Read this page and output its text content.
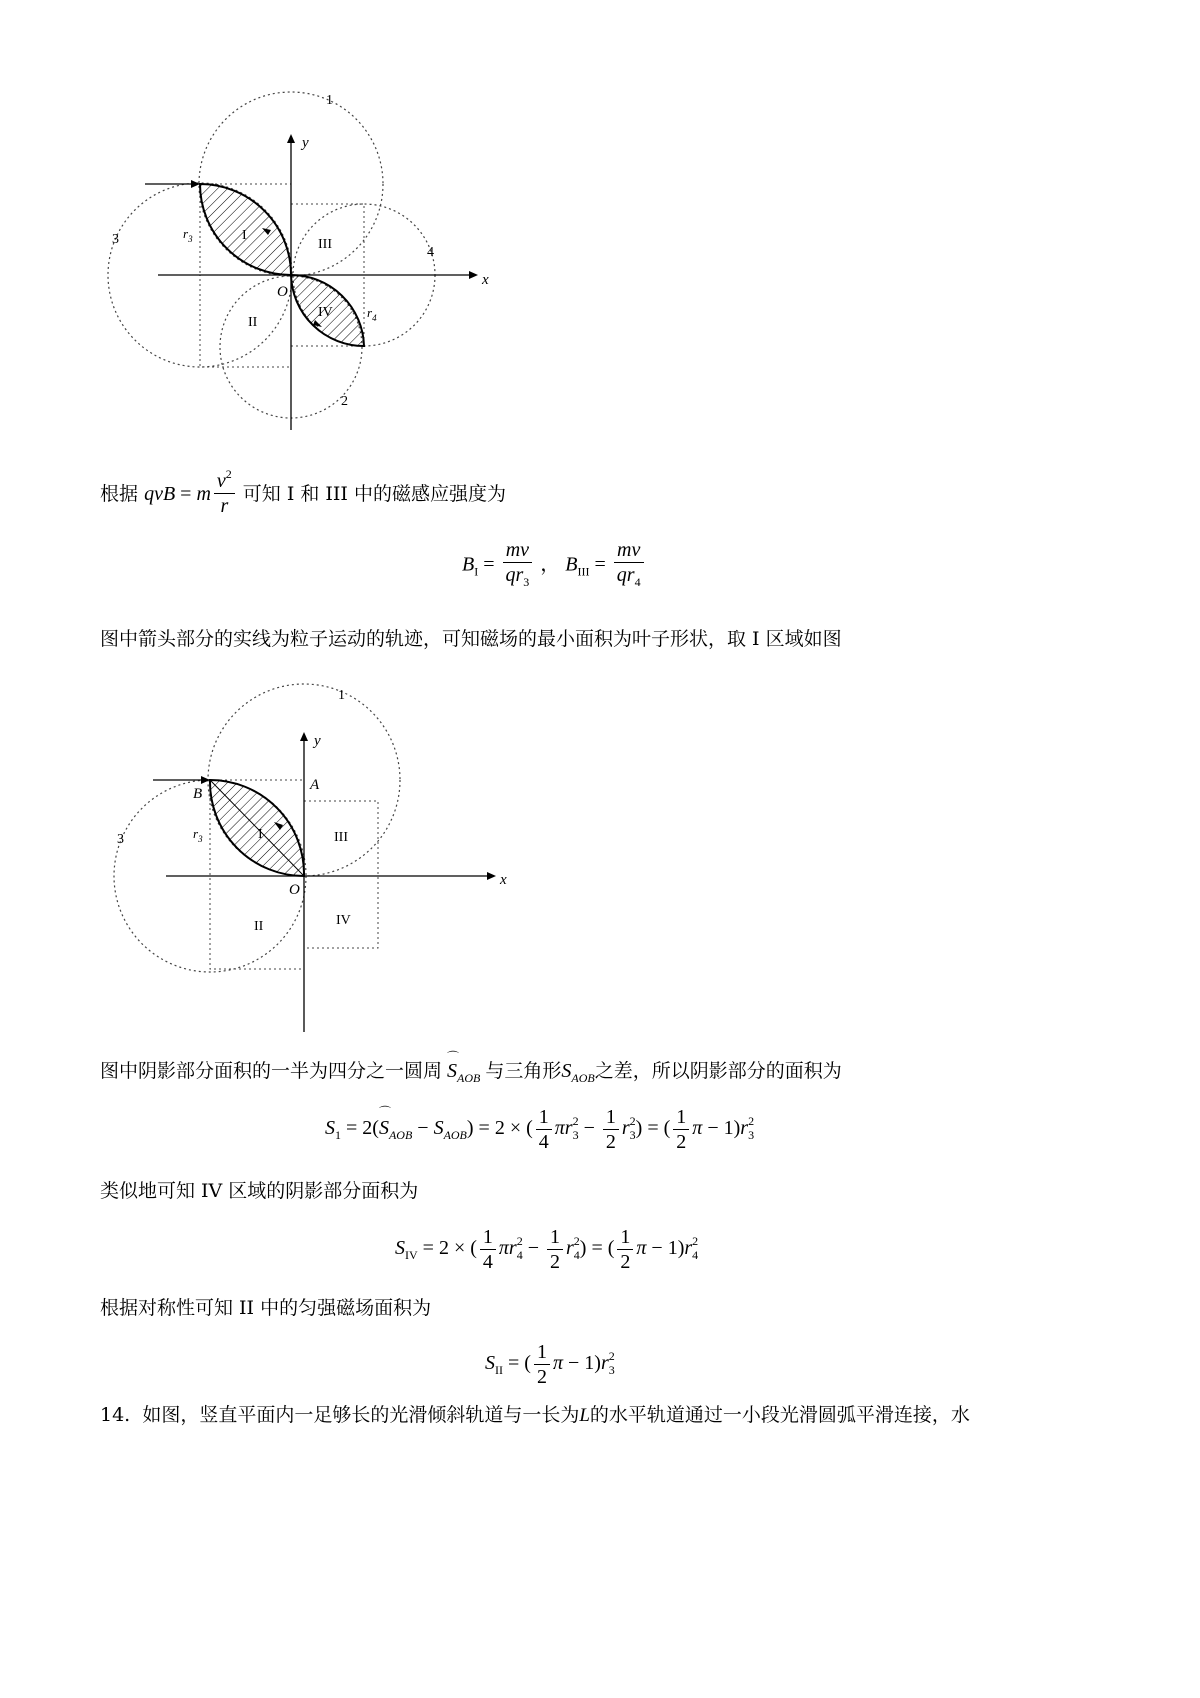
1
2
3
4
x
y
O
I
II
III
IV
$r_3$
$r_4$
根据 qvB = m $\frac{v^2}{r}$ 可知 I 和 III 中的磁感应强度为
$B_I = \frac{mv}{qr_3}$ ， $B_{III} = \frac{mv}{qr_4}$
图中箭头部分的实线为粒子运动的轨迹，可知磁场的最小面积为叶子形状，取 I 区域如图
1
3
x
y
O
A
B
I
II
III
IV
$r_3$
图中阴影部分面积的一半为四分之一圆周 ⌒ $S_{AOB}$ 与三角形$S_{AOB}$之差，所以阴影部分的面积为
$S_1$ = 2(⌒ $S_{AOB} - S_{AOB}) = 2$ × ( $\frac{1}{4} \pi r_3^2 - \frac{1}{2} r_3^2$) = ( $\frac{1}{2}$ $\pi - 1)r_3^2$
类似地可知 IV 区域的阴影部分面积为
$S_{IV} = 2$ × ( $\frac{1}{4} \pi r_4^2 - \frac{1}{2} r_4^2$) = ( $\frac{1}{2}$ $\pi - 1)r_4^2$
根据对称性可知 II 中的匀强磁场面积为
$S_{II}$ = ( $\frac{1}{2}$ $\pi - 1)r_3^2$
14. 如图，竖直平面内一足够长的光滑倾斜轨道与一长为L的水平轨道通过一小段光滑圆弧平滑连接，水
